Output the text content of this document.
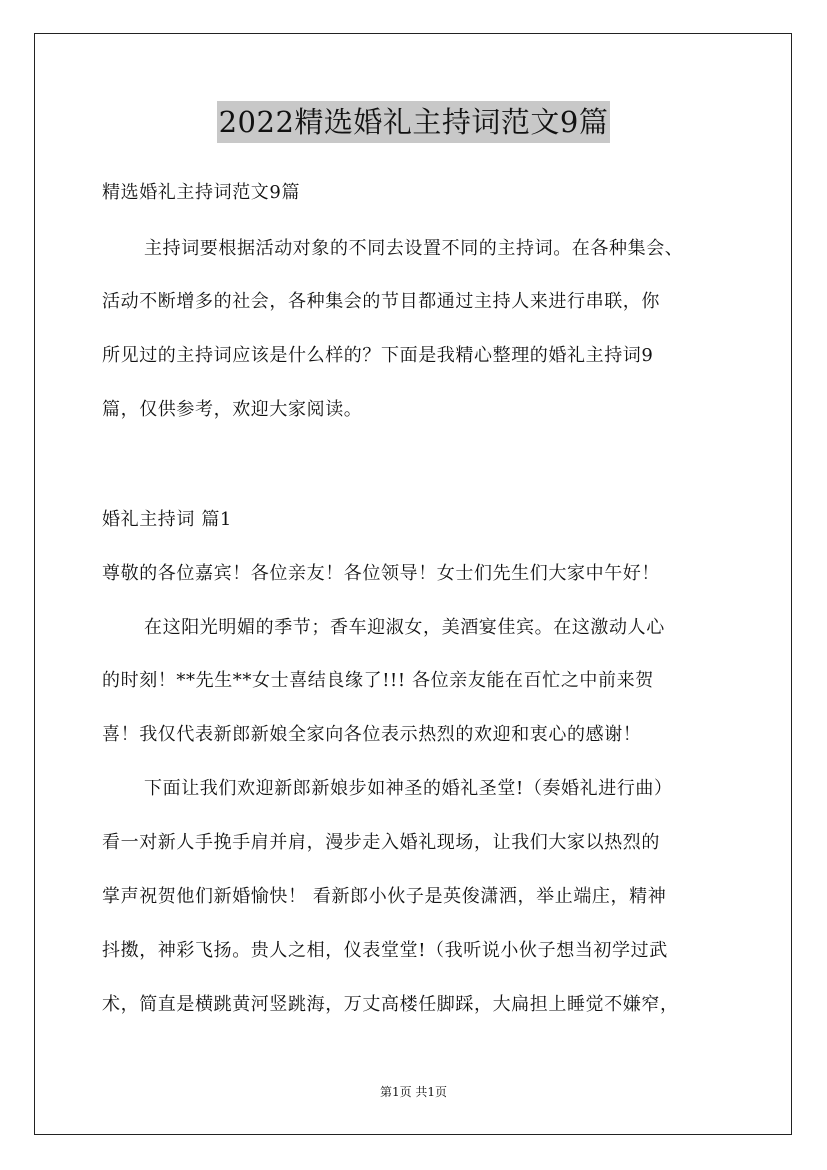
2022精选婚礼主持词范文9篇
精选婚礼主持词范文9篇
主持词要根据活动对象的不同去设置不同的主持词。在各种集会、
活动不断增多的社会，各种集会的节目都通过主持人来进行串联，你
所见过的主持词应该是什么样的？下面是我精心整理的婚礼主持词9
篇，仅供参考，欢迎大家阅读。
婚礼主持词 篇1
尊敬的各位嘉宾！各位亲友！各位领导！女士们先生们大家中午好！
在这阳光明媚的季节；香车迎淑女，美酒宴佳宾。在这激动人心
的时刻！**先生**女士喜结良缘了!!! 各位亲友能在百忙之中前来贺
喜！我仅代表新郎新娘全家向各位表示热烈的欢迎和衷心的感谢！
下面让我们欢迎新郎新娘步如神圣的婚礼圣堂!（奏婚礼进行曲）
看一对新人手挽手肩并肩，漫步走入婚礼现场，让我们大家以热烈的
掌声祝贺他们新婚愉快！ 看新郎小伙子是英俊潇洒，举止端庄，精神
抖擞，神彩飞扬。贵人之相，仪表堂堂!（我听说小伙子想当初学过武
术，简直是横跳黄河竖跳海，万丈高楼任脚踩，大扁担上睡觉不嫌窄，
第1页 共1页
